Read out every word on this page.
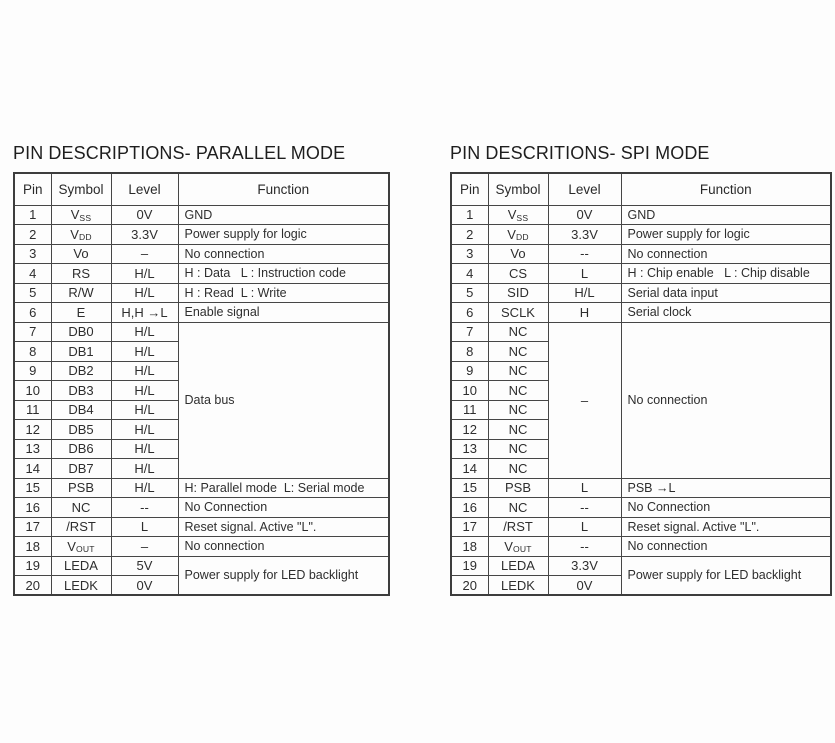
PIN DESCRIPTIONS- PARALLEL MODE
Pin	Symbol	Level	Function
1	$V_{SS}$	0V	GND
2	$V_{DD}$	3.3V	Power supply for logic
3	Vo	–	No connection
4	RS	H/L	H : Data   L : Instruction code
5	R/W	H/L	H : Read  L : Write
6	E	H,H →L	Enable signal
7	DB0	H/L	Data bus
8	DB1	H/L	
9	DB2	H/L	
10	DB3	H/L	
11	DB4	H/L	
12	DB5	H/L	
13	DB6	H/L	
14	DB7	H/L	
15	PSB	H/L	H: Parallel mode  L: Serial mode
16	NC	--	No Connection
17	/RST	L	Reset signal. Active "L".
18	$V_{OUT}$	–	No connection
19	LEDA	5V	Power supply for LED backlight
20	LEDK	0V	
PIN DESCRITIONS- SPI MODE
Pin	Symbol	Level	Function
1	$V_{SS}$	0V	GND
2	$V_{DD}$	3.3V	Power supply for logic
3	Vo	--	No connection
4	CS	L	H : Chip enable   L : Chip disable
5	SID	H/L	Serial data input
6	SCLK	H	Serial clock
7	NC	–	No connection
8	NC		
9	NC		
10	NC		
11	NC		
12	NC		
13	NC		
14	NC		
15	PSB	L	PSB →L
16	NC	--	No Connection
17	/RST	L	Reset signal. Active "L".
18	$V_{OUT}$	--	No connection
19	LEDA	3.3V	Power supply for LED backlight
20	LEDK	0V	
